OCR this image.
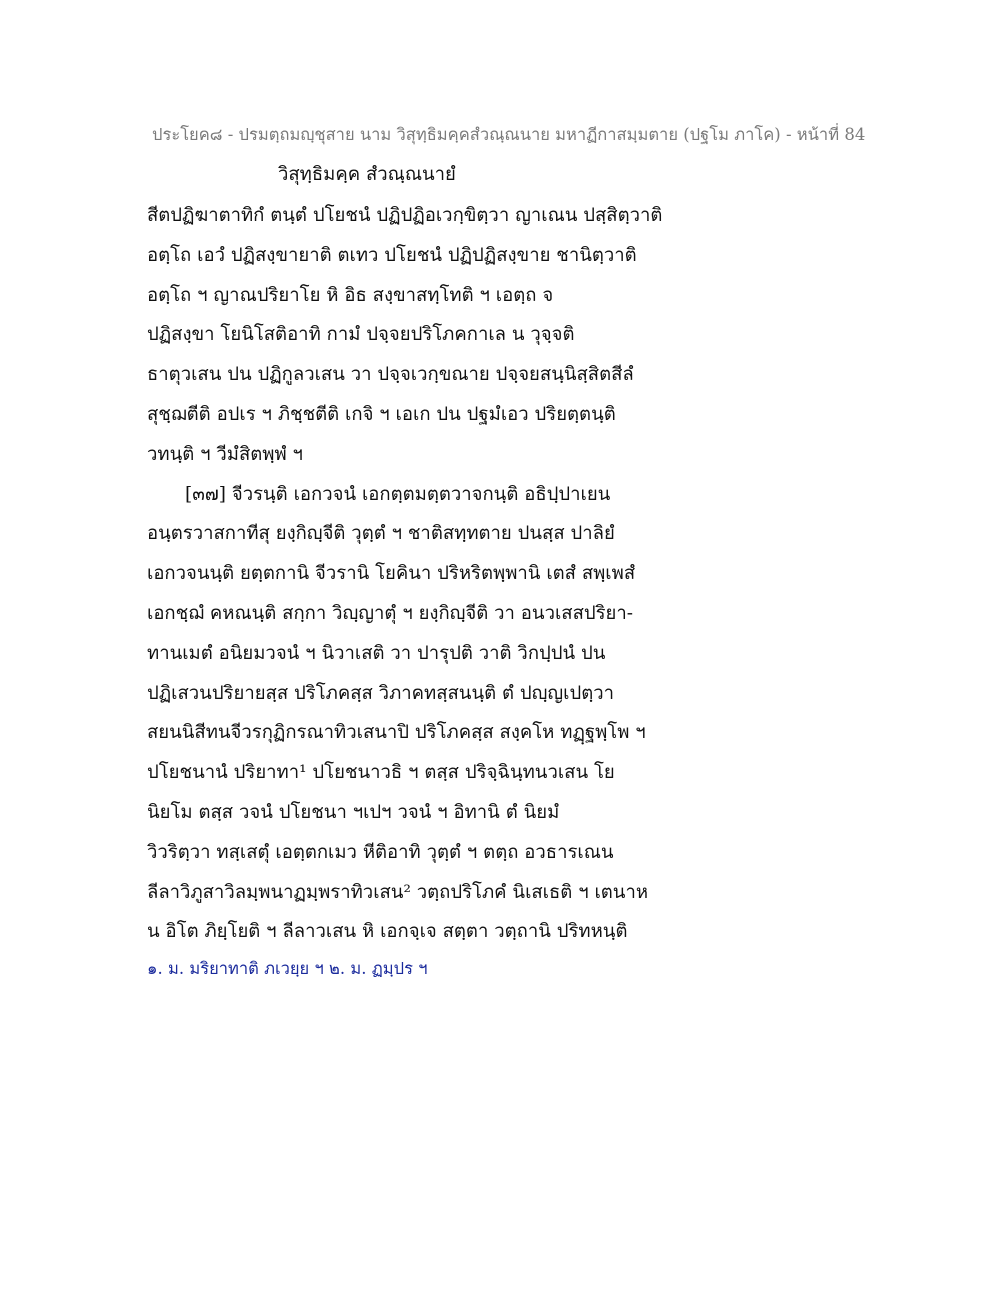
ประโยค๘ - ปรมตฺถมญฺชุสาย นาม วิสุทฺธิมคฺคสํวณฺณนาย มหาฏีกาสมฺมตาย (ปฐโม ภาโค) - หน้าที่ 84
วิสุทฺธิมคฺค สํวณฺณนายํ
สีตปฏิฆาตาทิกํ ตนฺตํ ปโยชนํ ปฏิปฏิอเวกฺขิตฺวา ญาเณน ปสฺสิตฺวาติ
อตฺโถ เอวํ ปฏิสงฺขายาติ ตเทว ปโยชนํ ปฏิปฏิสงฺขาย ชานิตฺวาติ
อตฺโถ ฯ ญาณปริยาโย หิ อิธ สงฺขาสทฺโทติ ฯ เอตฺถ จ
ปฏิสงฺขา โยนิโสติอาทิ กามํ ปจฺจยปริโภคกาเล น วุจฺจติ
ธาตุวเสน ปน ปฏิกูลวเสน วา ปจฺจเวกฺขณาย ปจฺจยสนฺนิสฺสิตสีลํ
สุชฺฌตีติ อปเร ฯ ภิชฺชตีติ เกจิ ฯ เอเก ปน ปฐมํเอว ปริยตฺตนฺติ
วทนฺติ ฯ วีมํสิตพฺพํ ฯ
[๓๗] จีวรนฺติ เอกวจนํ เอกตฺตมตฺตวาจกนฺติ อธิปฺปาเยน
อนฺตรวาสกาทีสุ ยงฺกิญฺจีติ วุตฺตํ ฯ ชาติสทฺทตาย ปนสฺส ปาลิยํ
เอกวจนนฺติ ยตฺตกานิ จีวรานิ โยคินา ปริหริตพฺพานิ เตสํ สพฺเพสํ
เอกชฺฌํ คหณนฺติ สกฺกา วิญฺญาตุํ ฯ ยงฺกิญฺจีติ วา อนวเสสปริยา-
ทานเมตํ อนิยมวจนํ ฯ นิวาเสติ วา ปารุปติ วาติ วิกปฺปนํ ปน
ปฏิเสวนปริยายสฺส ปริโภคสฺส วิภาคทสฺสนนฺติ ตํ ปญฺญเปตฺวา
สยนนิสีทนจีวรกุฏิกรณาทิวเสนาปิ ปริโภคสฺส สงฺคโห ทฏฺฐพฺโพ ฯ
ปโยชนานํ ปริยาทา¹ ปโยชนาวธิ ฯ ตสฺส ปริจฺฉินฺทนวเสน โย
นิยโม ตสฺส วจนํ ปโยชนา ฯเปฯ วจนํ ฯ อิทานิ ตํ นิยมํ
วิวริตฺวา ทสฺเสตุํ เอตฺตกเมว หีติอาทิ วุตฺตํ ฯ ตตฺถ อวธารเณน
ลีลาวิภูสาวิลมฺพนาฏมฺพราทิวเสน² วตฺถปริโภคํ นิเสเธติ ฯ เตนาห
น อิโต ภิยฺโยติ ฯ ลีลาวเสน หิ เอกจฺเจ สตฺตา วตฺถานิ ปริทหนฺติ
๑. ม. มริยาทาติ ภเวยฺย ฯ ๒. ม. ฏมฺปร ฯ
